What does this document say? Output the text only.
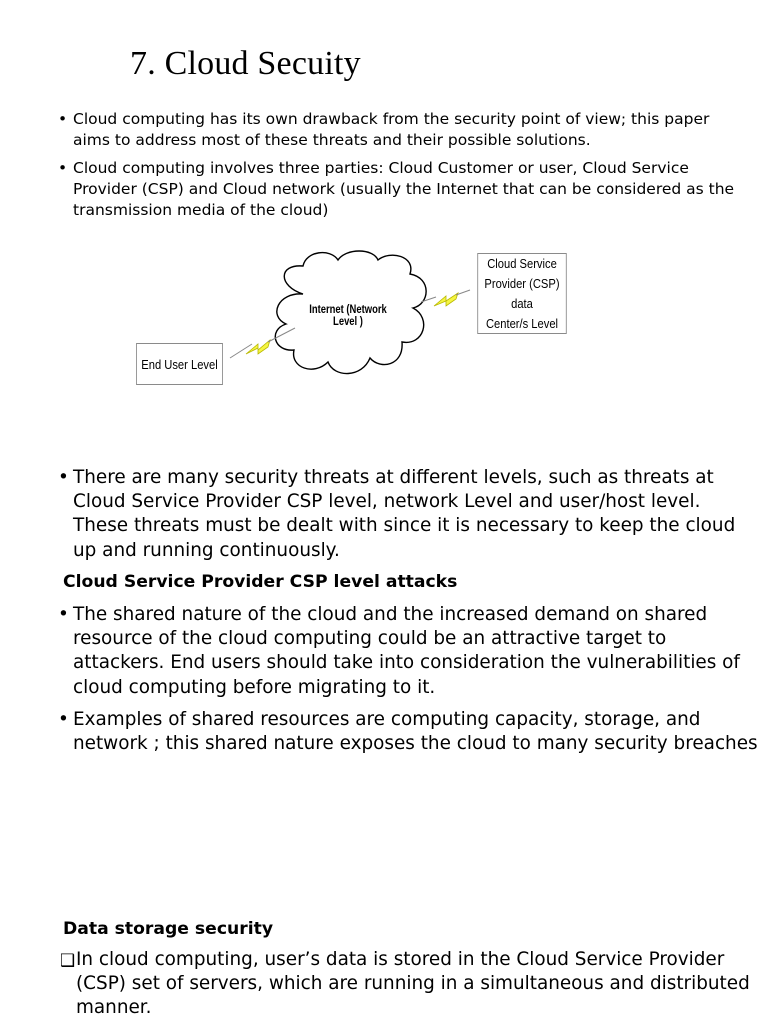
7. Cloud Secuity
• Cloud computing has its own drawback from the security point of view; this paper aims to address most of these threats and their possible solutions.
• Cloud computing involves three parties: Cloud Customer or user, Cloud Service Provider (CSP) and Cloud network (usually the Internet that can be considered as the transmission media of the cloud)
End User Level
Internet (Network Level )
Cloud Service
Provider (CSP) data
Center/s Level
• There are many security threats at different levels, such as threats at Cloud Service Provider CSP level, network Level and user/host level. These threats must be dealt with since it is necessary to keep the cloud up and running continuously.
Cloud Service Provider CSP level attacks
• The shared nature of the cloud and the increased demand on shared resource of the cloud computing could be an attractive target to attackers. End users should take into consideration the vulnerabilities of cloud computing before migrating to it.
• Examples of shared resources are computing capacity, storage, and network ; this shared nature exposes the cloud to many security breaches
Data storage security
❑ In cloud computing, user’s data is stored in the Cloud Service Provider (CSP) set of servers, which are running in a simultaneous and distributed manner.
